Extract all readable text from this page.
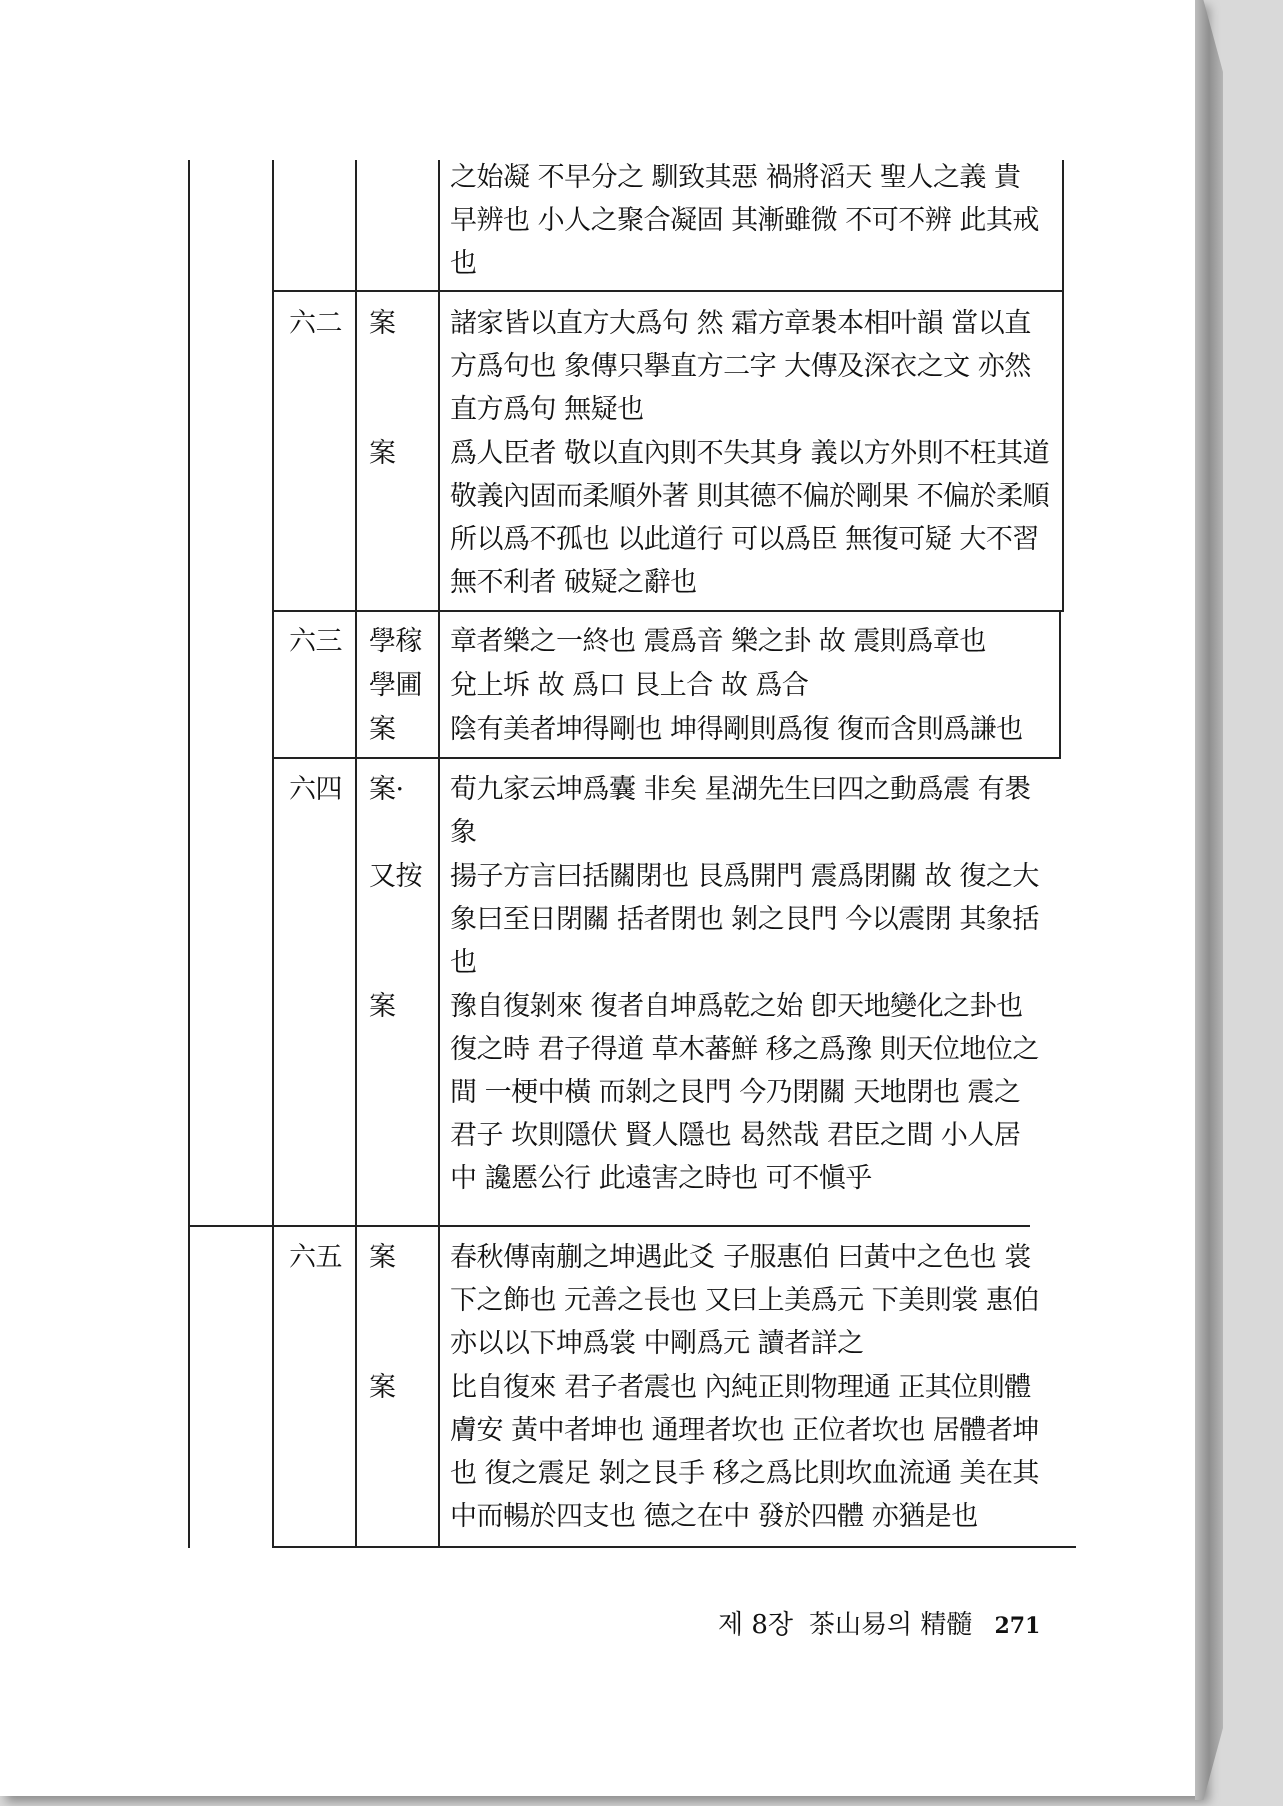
之始凝 不早分之 馴致其惡 禍將滔天 聖人之義 貴
早辨也 小人之聚合凝固 其漸雖微 不可不辨 此其戒
也
六二 案 諸家皆以直方大爲句 然 霜方章褁本相叶韻 當以直
方爲句也 象傳只擧直方二字 大傳及深衣之文 亦然
直方爲句 無疑也
案 爲人臣者 敬以直內則不失其身 義以方外則不枉其道
敬義內固而柔順外著 則其德不偏於剛果 不偏於柔順
所以爲不孤也 以此道行 可以爲臣 無復可疑 大不習
無不利者 破疑之辭也
六三 學稼 章者樂之一終也 震爲音 樂之卦 故 震則爲章也
學圃 兌上坼 故 爲口 艮上合 故 爲合
案 陰有美者坤得剛也 坤得剛則爲復 復而含則爲謙也
六四 案· 荀九家云坤爲囊 非矣 星湖先生曰四之動爲震 有褁
象
又按 揚子方言曰括關閉也 艮爲開門 震爲閉關 故 復之大
象曰至日閉關 括者閉也 剝之艮門 今以震閉 其象括
也
案 豫自復剝來 復者自坤爲乾之始 卽天地變化之卦也
復之時 君子得道 草木蕃鮮 移之爲豫 則天位地位之
間 一梗中橫 而剝之艮門 今乃閉關 天地閉也 震之
君子 坎則隱伏 賢人隱也 曷然哉 君臣之間 小人居
中 讒慝公行 此遠害之時也 可不愼乎
六五 案 春秋傳南蒯之坤遇此爻 子服惠伯 曰黃中之色也 裳
下之飾也 元善之長也 又曰上美爲元 下美則裳 惠伯
亦以以下坤爲裳 中剛爲元 讀者詳之
案 比自復來 君子者震也 內純正則物理通 正其位則體
膚安 黃中者坤也 通理者坎也 正位者坎也 居體者坤
也 復之震足 剝之艮手 移之爲比則坎血流通 美在其
中而暢於四支也 德之在中 發於四體 亦猶是也
제 8장 茶山易의 精髓 271
